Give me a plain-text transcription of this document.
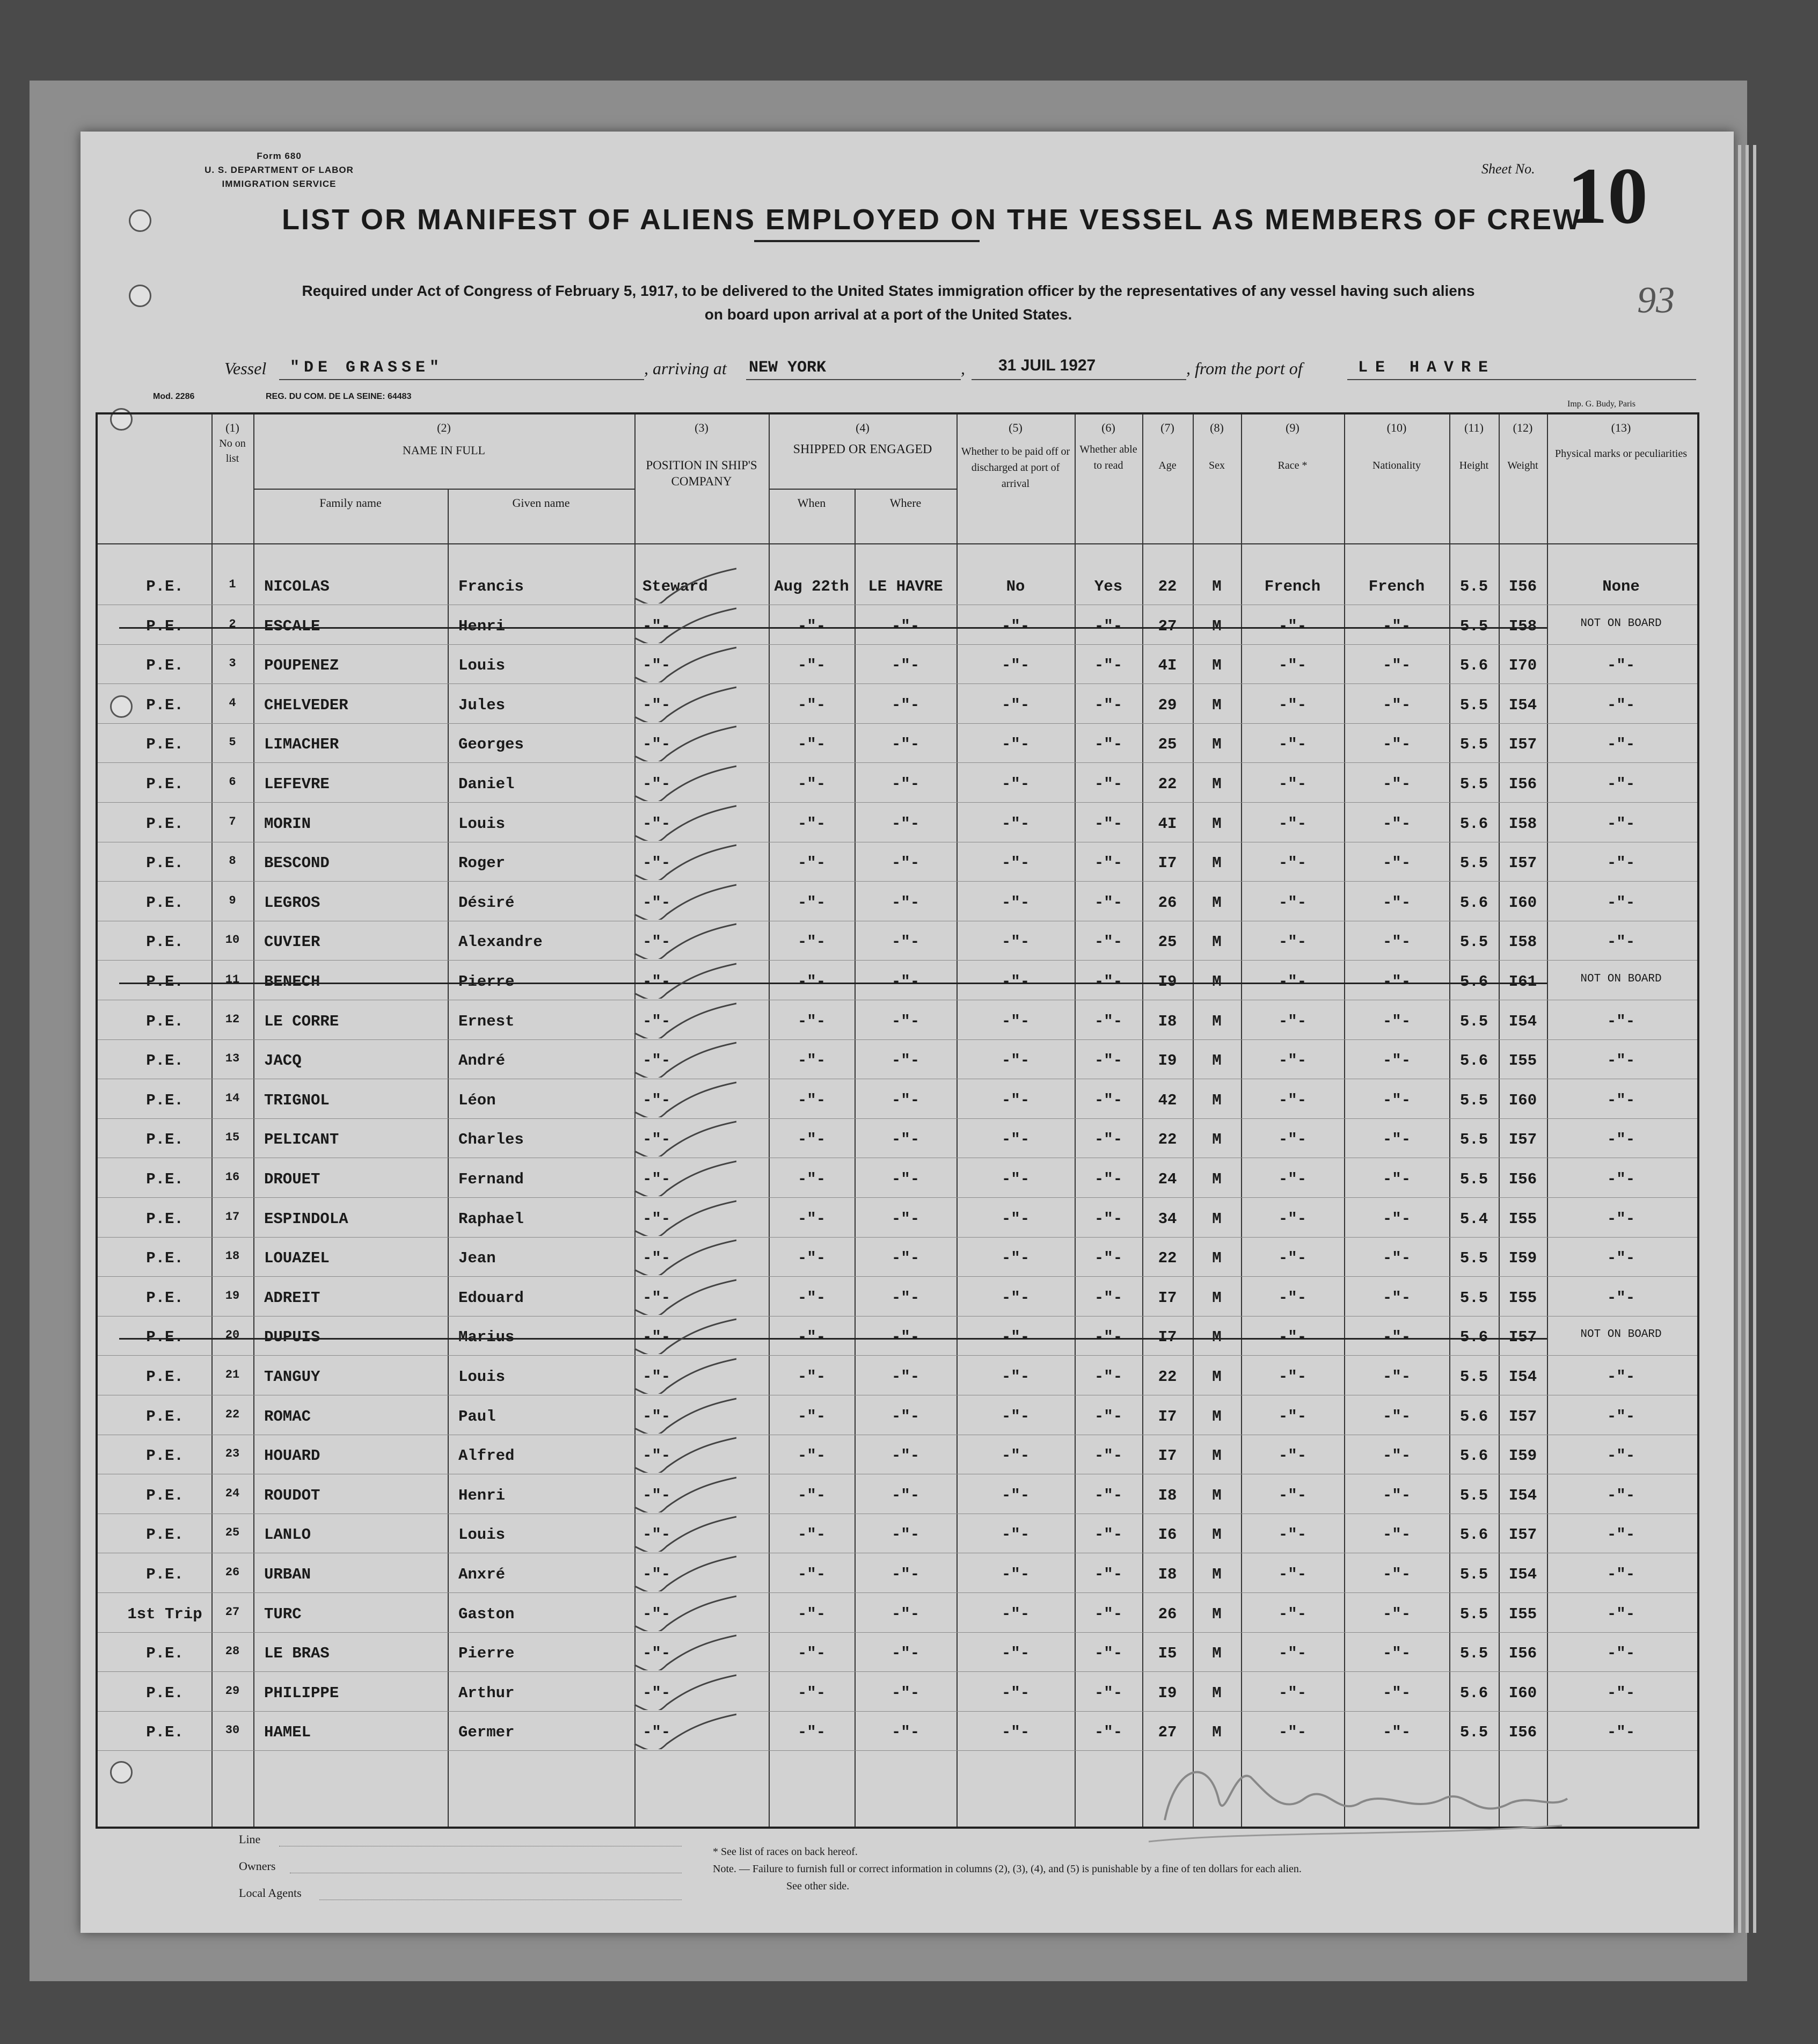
Form 680
U. S. DEPARTMENT OF LABOR
IMMIGRATION SERVICE
Sheet No. 10
93
LIST OR MANIFEST OF ALIENS EMPLOYED ON THE VESSEL AS MEMBERS OF CREW
Required under Act of Congress of February 5, 1917, to be delivered to the United States immigration officer by the representatives of any vessel having such aliens
on board upon arrival at a port of the United States.
Vessel "DE GRASSE"	, arriving at NEW YORK	, 31 JUIL 1927	, from the port of	LE HAVRE
Mod. 2286	REG. DU COM. DE LA SEINE: 64483
Imp. G. Budy, Paris
(1)
No on list
(2)
NAME IN FULL
Family name	Given name
(3)
POSITION IN SHIP'S COMPANY
(4)
SHIPPED OR ENGAGED
When	Where
(5)
Whether to be paid off or discharged at port of arrival
(6)
Whether able to read
(7)
Age
(8)
Sex
(9)
Race *
(10)
Nationality
(11)
Height
(12)
Weight
(13)
Physical marks or peculiarities
P.E.	1	NICOLAS	Francis	Steward	Aug 22th	LE HAVRE	No	Yes	22	M	French	French	5.5	I56	None
P.E.	2	ESCALE	Henri	-"-	-"-	-"-	-"-	-"-	27	M	-"-	-"-	5.5	I58	NOT ON BOARD
P.E.	3	POUPENEZ	Louis	-"-	-"-	-"-	-"-	-"-	4I	M	-"-	-"-	5.6	I70	-"-
P.E.	4	CHELVEDER	Jules	-"-	-"-	-"-	-"-	-"-	29	M	-"-	-"-	5.5	I54	-"-
P.E.	5	LIMACHER	Georges	-"-	-"-	-"-	-"-	-"-	25	M	-"-	-"-	5.5	I57	-"-
P.E.	6	LEFEVRE	Daniel	-"-	-"-	-"-	-"-	-"-	22	M	-"-	-"-	5.5	I56	-"-
P.E.	7	MORIN	Louis	-"-	-"-	-"-	-"-	-"-	4I	M	-"-	-"-	5.6	I58	-"-
P.E.	8	BESCOND	Roger	-"-	-"-	-"-	-"-	-"-	I7	M	-"-	-"-	5.5	I57	-"-
P.E.	9	LEGROS	Désiré	-"-	-"-	-"-	-"-	-"-	26	M	-"-	-"-	5.6	I60	-"-
P.E.	10	CUVIER	Alexandre	-"-	-"-	-"-	-"-	-"-	25	M	-"-	-"-	5.5	I58	-"-
P.E.	11	BENECH	Pierre	-"-	-"-	-"-	-"-	-"-	I9	M	-"-	-"-	5.6	I61	NOT ON BOARD
P.E.	12	LE CORRE	Ernest	-"-	-"-	-"-	-"-	-"-	I8	M	-"-	-"-	5.5	I54	-"-
P.E.	13	JACQ	André	-"-	-"-	-"-	-"-	-"-	I9	M	-"-	-"-	5.6	I55	-"-
P.E.	14	TRIGNOL	Léon	-"-	-"-	-"-	-"-	-"-	42	M	-"-	-"-	5.5	I60	-"-
P.E.	15	PELICANT	Charles	-"-	-"-	-"-	-"-	-"-	22	M	-"-	-"-	5.5	I57	-"-
P.E.	16	DROUET	Fernand	-"-	-"-	-"-	-"-	-"-	24	M	-"-	-"-	5.5	I56	-"-
P.E.	17	ESPINDOLA	Raphael	-"-	-"-	-"-	-"-	-"-	34	M	-"-	-"-	5.4	I55	-"-
P.E.	18	LOUAZEL	Jean	-"-	-"-	-"-	-"-	-"-	22	M	-"-	-"-	5.5	I59	-"-
P.E.	19	ADREIT	Edouard	-"-	-"-	-"-	-"-	-"-	I7	M	-"-	-"-	5.5	I55	-"-
P.E.	20	DUPUIS	Marius	-"-	-"-	-"-	-"-	-"-	I7	M	-"-	-"-	5.6	I57	NOT ON BOARD
P.E.	21	TANGUY	Louis	-"-	-"-	-"-	-"-	-"-	22	M	-"-	-"-	5.5	I54	-"-
P.E.	22	ROMAC	Paul	-"-	-"-	-"-	-"-	-"-	I7	M	-"-	-"-	5.6	I57	-"-
P.E.	23	HOUARD	Alfred	-"-	-"-	-"-	-"-	-"-	I7	M	-"-	-"-	5.6	I59	-"-
P.E.	24	ROUDOT	Henri	-"-	-"-	-"-	-"-	-"-	I8	M	-"-	-"-	5.5	I54	-"-
P.E.	25	LANLO	Louis	-"-	-"-	-"-	-"-	-"-	I6	M	-"-	-"-	5.6	I57	-"-
P.E.	26	URBAN	Anxré	-"-	-"-	-"-	-"-	-"-	I8	M	-"-	-"-	5.5	I54	-"-
1st Trip	27	TURC	Gaston	-"-	-"-	-"-	-"-	-"-	26	M	-"-	-"-	5.5	I55	-"-
P.E.	28	LE BRAS	Pierre	-"-	-"-	-"-	-"-	-"-	I5	M	-"-	-"-	5.5	I56	-"-
P.E.	29	PHILIPPE	Arthur	-"-	-"-	-"-	-"-	-"-	I9	M	-"-	-"-	5.6	I60	-"-
P.E.	30	HAMEL	Germer	-"-	-"-	-"-	-"-	-"-	27	M	-"-	-"-	5.5	I56	-"-
Line
Owners
Local Agents
* See list of races on back hereof.
Note. — Failure to furnish full or correct information in columns (2), (3), (4), and (5) is punishable by a fine of ten dollars for each alien.
See other side.
